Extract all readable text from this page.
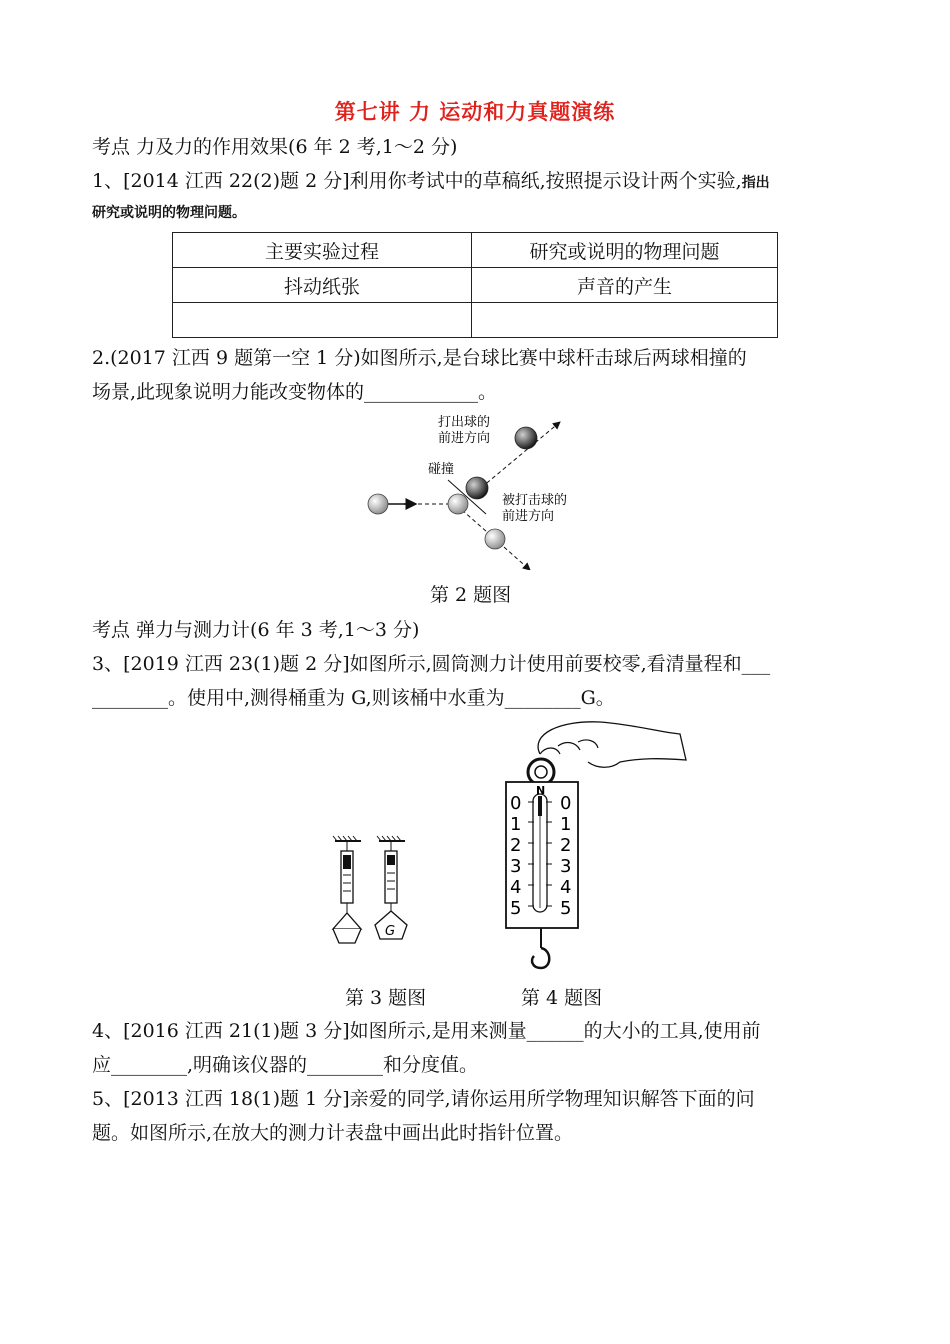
第七讲 力 运动和力真题演练
考点 力及力的作用效果(6 年 2 考,1～2 分)
1、[2014 江西 22(2)题 2 分]利用你考试中的草稿纸,按照提示设计两个实验,指出
研究或说明的物理问题。
主要实验过程	研究或说明的物理问题
抖动纸张	声音的产生

2.(2017 江西 9 题第一空 1 分)如图所示,是台球比赛中球杆击球后两球相撞的
场景,此现象说明力能改变物体的____________。
打出球的
前进方向
碰撞
被打击球的
前进方向
第 2 题图
考点 弹力与测力计(6 年 3 考,1～3 分)
3、[2019 江西 23(1)题 2 分]如图所示,圆筒测力计使用前要校零,看清量程和___
________。使用中,测得桶重为 G,则该桶中水重为________G。
G
N
0
1
2
3
4
5
0
1
2
3
4
5
第 3 题图	第 4 题图
4、[2016 江西 21(1)题 3 分]如图所示,是用来测量______的大小的工具,使用前
应________,明确该仪器的________和分度值。
5、[2013 江西 18(1)题 1 分]亲爱的同学,请你运用所学物理知识解答下面的问
题。如图所示,在放大的测力计表盘中画出此时指针位置。
